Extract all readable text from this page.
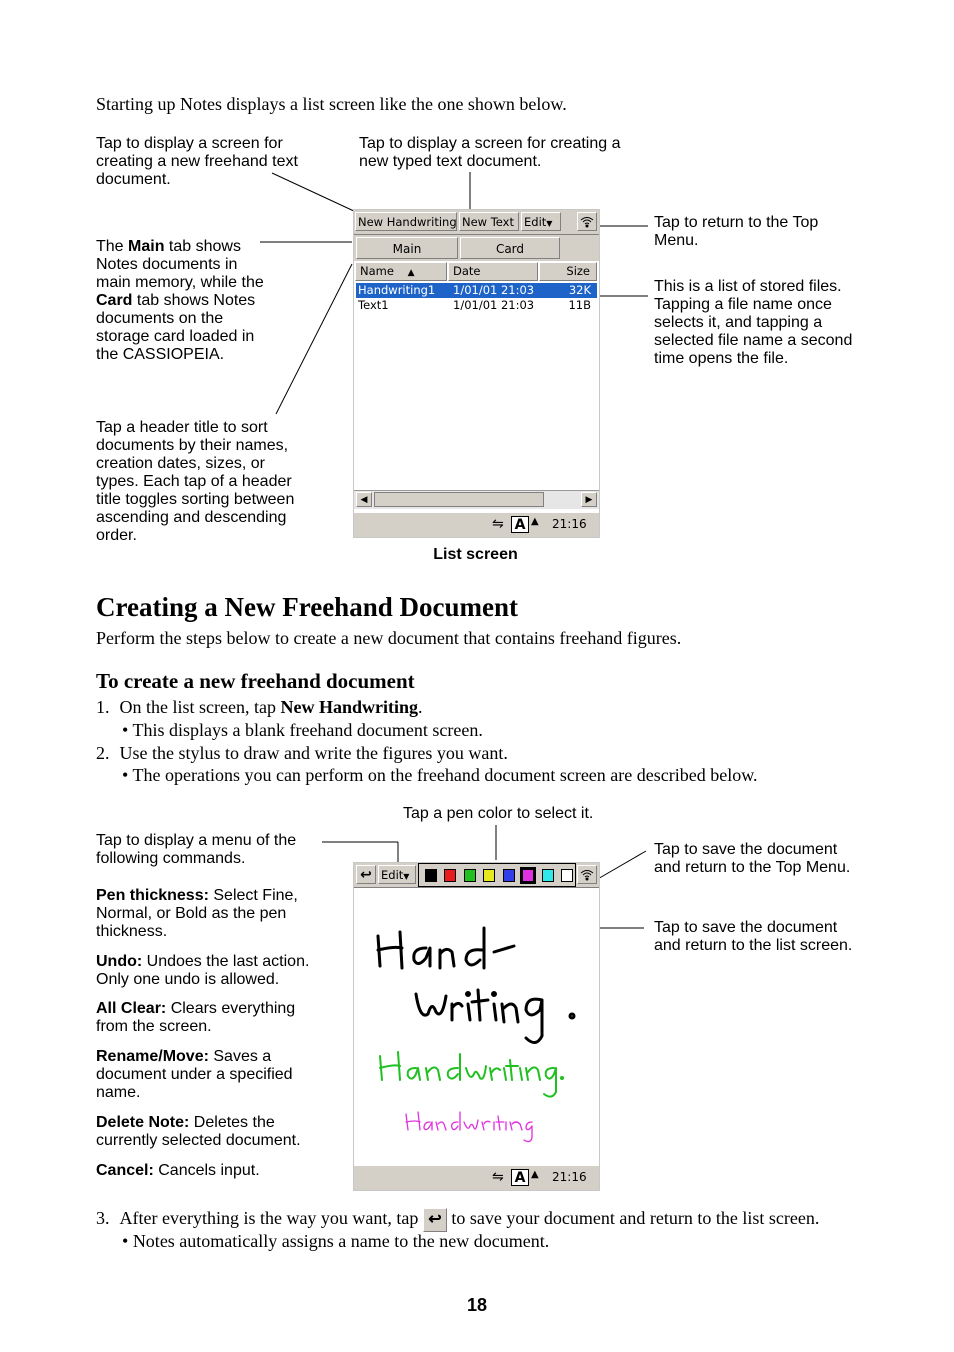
Starting up Notes displays a list screen like the one shown below.
Tap to display a screen for creating a new freehand text document.
Tap to display a screen for creating a new typed text document.
The Main tab shows Notes documents in main memory, while the Card tab shows Notes documents on the storage card loaded in the CASSIOPEIA.
Tap to return to the Top Menu.
This is a list of stored files. Tapping a file name once selects it, and tapping a selected file name a second time opens the file.
Tap a header title to sort documents by their names, creation dates, sizes, or types. Each tap of a header title toggles sorting between ascending and descending order.
New Handwriting New Text Edit▼
Main	Card
Name ▲	Date	Size
Handwriting1 1/01/01 21:03	32K
Text1	1/01/01 21:03	11B
◀	▶
⇋ A ▲ 21:16
List screen
Creating a New Freehand Document
Perform the steps below to create a new document that contains freehand figures.
To create a new freehand document
1. On the list screen, tap New Handwriting.
• This displays a blank freehand document screen.
2. Use the stylus to draw and write the figures you want.
• The operations you can perform on the freehand document screen are described below.
Tap a pen color to select it.
Tap to display a menu of the following commands.
Tap to save the document and return to the Top Menu.
Tap to save the document and return to the list screen.
Pen thickness: Select Fine, Normal, or Bold as the pen thickness.
Undo: Undoes the last action. Only one undo is allowed.
All Clear: Clears everything from the screen.
Rename/Move: Saves a document under a specified name.
Delete Note: Deletes the currently selected document.
Cancel: Cancels input.
↩ Edit▼
⇋ A ▲ 21:16
3. After everything is the way you want, tap ↩ to save your document and return to the list screen.
• Notes automatically assigns a name to the new document.
18
